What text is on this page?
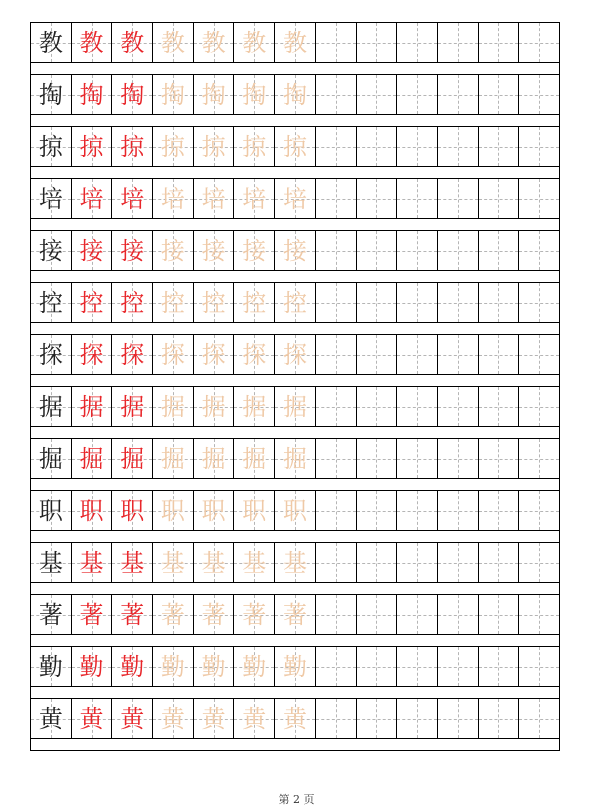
教 教 教 教 教 教 教
掏 掏 掏 掏 掏 掏 掏
掠 掠 掠 掠 掠 掠 掠
培 培 培 培 培 培 培
接 接 接 接 接 接 接
控 控 控 控 控 控 控
探 探 探 探 探 探 探
据 据 据 据 据 据 据
掘 掘 掘 掘 掘 掘 掘
职 职 职 职 职 职 职
基 基 基 基 基 基 基
著 著 著 著 著 著 著
勤 勤 勤 勤 勤 勤 勤
黄 黄 黄 黄 黄 黄 黄
第 2 页
